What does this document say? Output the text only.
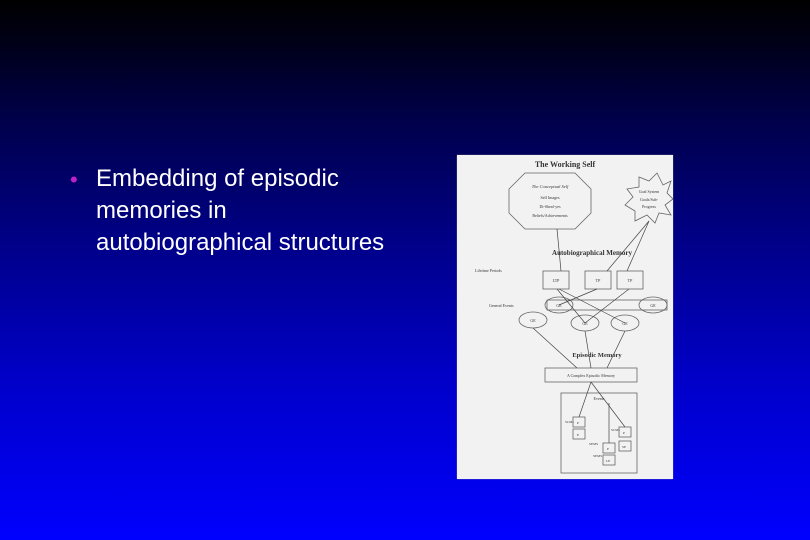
• Embedding of episodic memories in autobiographical structures
The Working Self
The Conceptual Self
Self Images
Di-Sheaf-yes
Beliefs/Achievements
Goal System
Goals/Sub-
Progress
Autobiographical Memory
Lifetime Periods
LTP	TP	TP
General Events	GE	GE
GE
GE	GE
Episodic Memory
A Complex Episodic Memory
Events
SCMs
SCMs
SEMS
SEMS
P
E	P
SE
P
LE
